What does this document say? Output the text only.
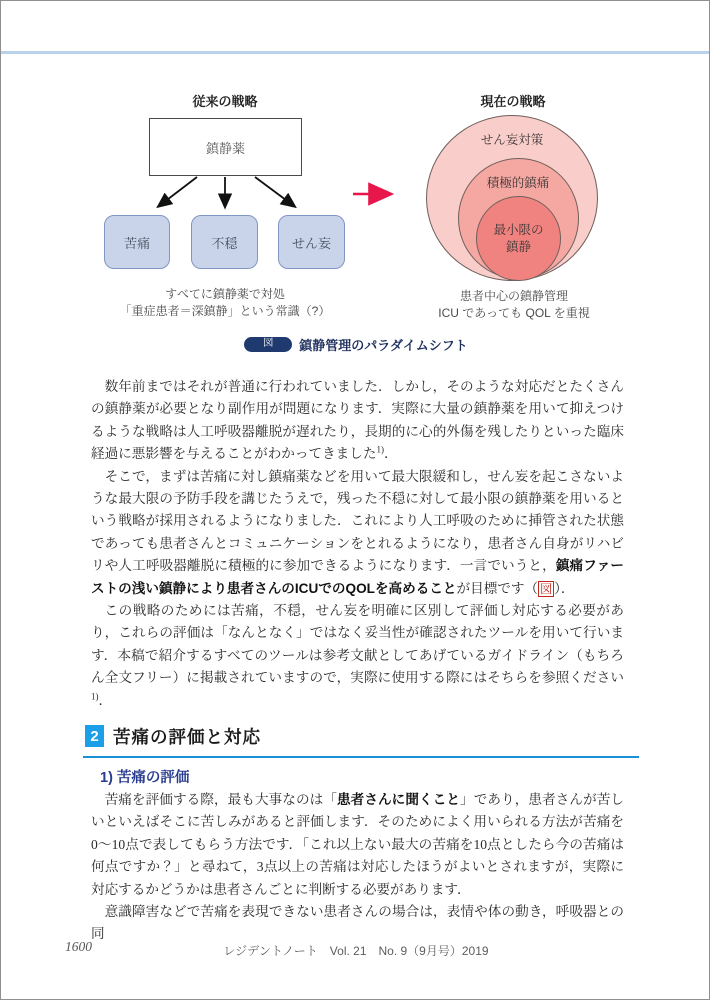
従来の戦略
鎮静薬
苦痛	不穏	せん妄
すべてに鎮静薬で対処
「重症患者＝深鎮静」という常識（?）
現在の戦略
せん妄対策
積極的鎮痛
最小限の
鎮静
患者中心の鎮静管理
ICU であっても QOL を重視
図	鎮静管理のパラダイムシフト

数年前まではそれが普通に行われていました．しかし，そのような対応だとたくさんの鎮静薬が必要となり副作用が問題になります．実際に大量の鎮静薬を用いて抑えつけるような戦略は人工呼吸器離脱が遅れたり，長期的に心的外傷を残したりといった臨床経過に悪影響を与えることがわかってきました$^{1)}$．

そこで，まずは苦痛に対し鎮痛薬などを用いて最大限緩和し，せん妄を起こさないような最大限の予防手段を講じたうえで，残った不穏に対して最小限の鎮静薬を用いるという戦略が採用されるようになりました．これにより人工呼吸のために挿管された状態であっても患者さんとコミュニケーションをとれるようになり，患者さん自身がリハビリや人工呼吸器離脱に積極的に参加できるようになります．一言でいうと，鎮痛ファーストの浅い鎮静により患者さんのICUでのQOLを高めることが目標です（ 図 ）．

この戦略のためには苦痛，不穏，せん妄を明確に区別して評価し対応する必要があり，これらの評価は「なんとなく」ではなく妥当性が確認されたツールを用いて行います．本稿で紹介するすべてのツールは参考文献としてあげているガイドライン（もちろん全文フリー）に掲載されていますので，実際に使用する際にはそちらを参照ください$^{1)}$．

2 苦痛の評価と対応
1) 苦痛の評価

苦痛を評価する際，最も大事なのは「患者さんに聞くこと」であり，患者さんが苦しいといえばそこに苦しみがあると評価します．そのためによく用いられる方法が苦痛を0〜10点で表してもらう方法です．「これ以上ない最大の苦痛を10点としたら今の苦痛は何点ですか？」と尋ねて，3点以上の苦痛は対応したほうがよいとされますが，実際に対応するかどうかは患者さんごとに判断する必要があります．

意識障害などで苦痛を表現できない患者さんの場合は，表情や体の動き，呼吸器との同

1600	レジデントノート　Vol. 21　No. 9（9月号）2019
